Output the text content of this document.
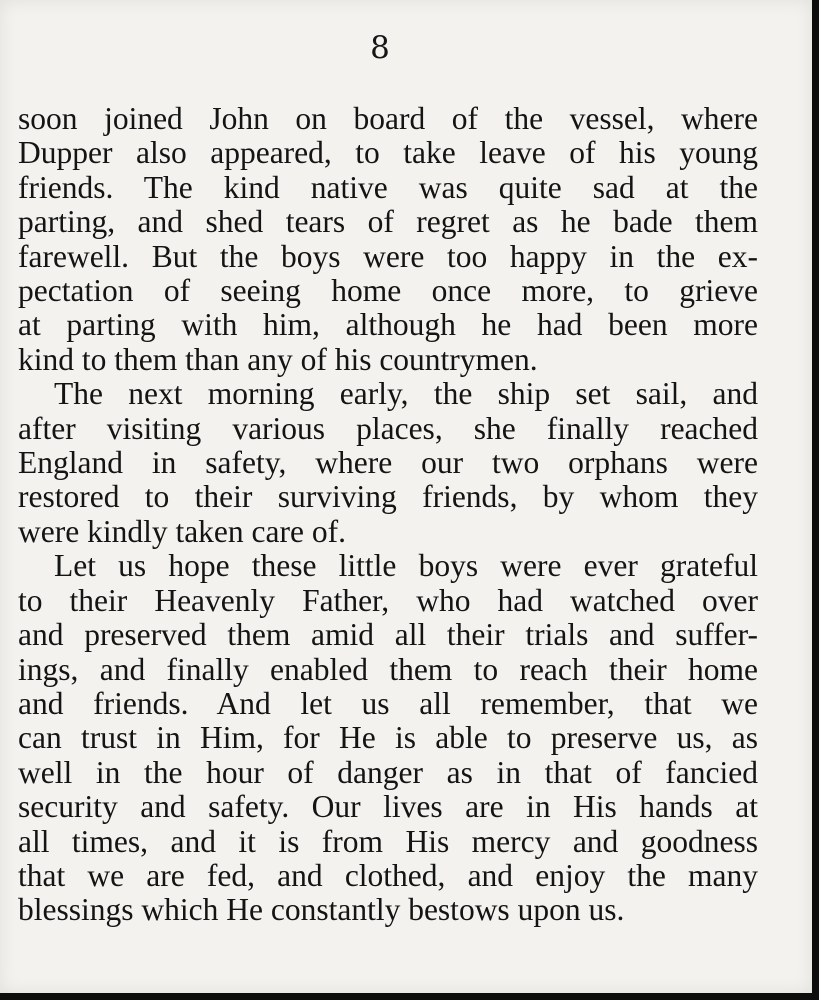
8
soon joined John on board of the vessel, where
Dupper also appeared, to take leave of his young
friends. The kind native was quite sad at the
parting, and shed tears of regret as he bade them
farewell. But the boys were too happy in the ex-
pectation of seeing home once more, to grieve
at parting with him, although he had been more
kind to them than any of his countrymen.
The next morning early, the ship set sail, and
after visiting various places, she finally reached
England in safety, where our two orphans were
restored to their surviving friends, by whom they
were kindly taken care of.
Let us hope these little boys were ever grateful
to their Heavenly Father, who had watched over
and preserved them amid all their trials and suffer-
ings, and finally enabled them to reach their home
and friends. And let us all remember, that we
can trust in Him, for He is able to preserve us, as
well in the hour of danger as in that of fancied
security and safety. Our lives are in His hands at
all times, and it is from His mercy and goodness
that we are fed, and clothed, and enjoy the many
blessings which He constantly bestows upon us.
